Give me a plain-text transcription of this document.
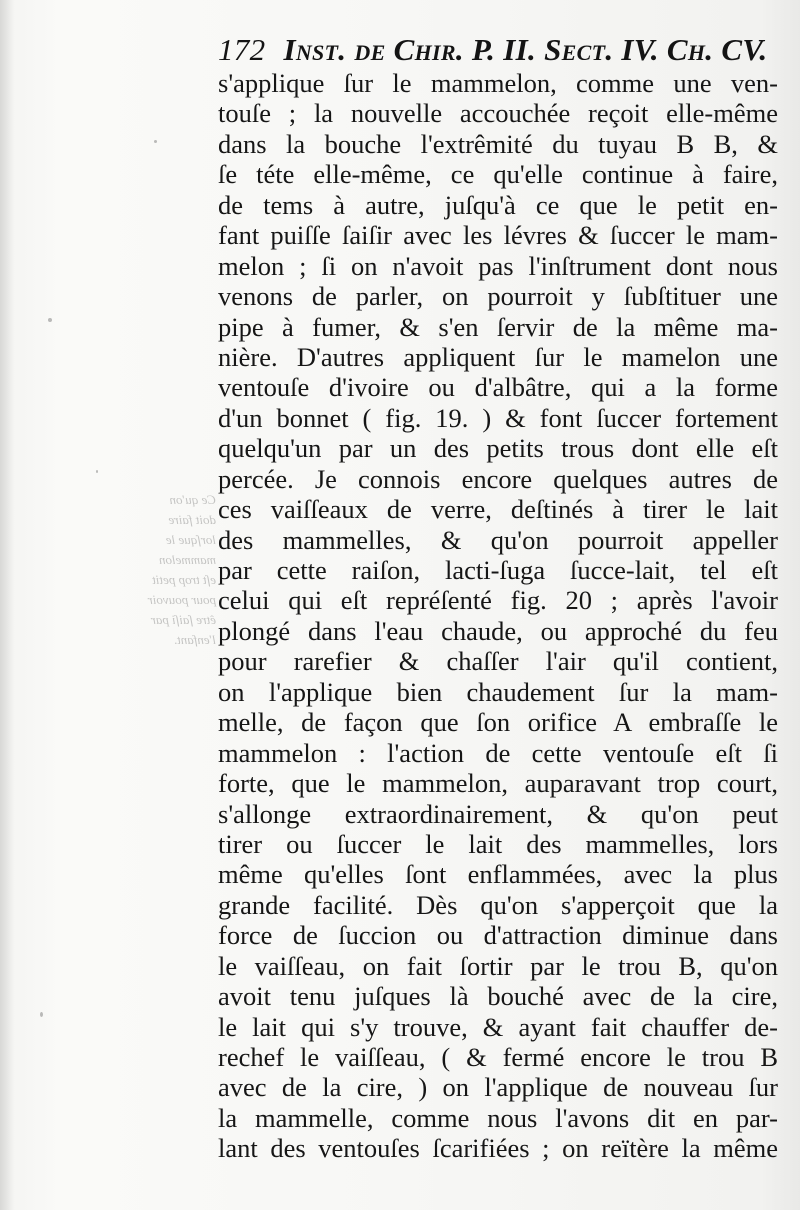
Ce qu'on
doit faire
lorſque le
mammelon
eſt trop petit
pour pouvoir
être ſaiſi par
l'enfant.
172 Inst. de Chir. P. II. Sect. IV. Ch. CV.
s'applique ſur le mammelon, comme une ven-
touſe ; la nouvelle accouchée reçoit elle-même
dans la bouche l'extrêmité du tuyau B B, &
ſe téte elle-même, ce qu'elle continue à faire,
de tems à autre, juſqu'à ce que le petit en-
fant puiſſe ſaiſir avec les lévres & ſuccer le mam-
melon ; ſi on n'avoit pas l'inſtrument dont nous
venons de parler, on pourroit y ſubſtituer une
pipe à fumer, & s'en ſervir de la même ma-
nière. D'autres appliquent ſur le mamelon une
ventouſe d'ivoire ou d'albâtre, qui a la forme
d'un bonnet ( fig. 19. ) & font ſuccer fortement
quelqu'un par un des petits trous dont elle eſt
percée. Je connois encore quelques autres de
ces vaiſſeaux de verre, deſtinés à tirer le lait
des mammelles, & qu'on pourroit appeller
par cette raiſon, lacti-ſuga ſucce-lait, tel eſt
celui qui eſt repréſenté fig. 20 ; après l'avoir
plongé dans l'eau chaude, ou approché du feu
pour rarefier & chaſſer l'air qu'il contient,
on l'applique bien chaudement ſur la mam-
melle, de façon que ſon orifice A embraſſe le
mammelon : l'action de cette ventouſe eſt ſi
forte, que le mammelon, auparavant trop court,
s'allonge extraordinairement, & qu'on peut
tirer ou ſuccer le lait des mammelles, lors
même qu'elles ſont enflammées, avec la plus
grande facilité. Dès qu'on s'apperçoit que la
force de ſuccion ou d'attraction diminue dans
le vaiſſeau, on fait ſortir par le trou B, qu'on
avoit tenu juſques là bouché avec de la cire,
le lait qui s'y trouve, & ayant fait chauffer de-
rechef le vaiſſeau, ( & fermé encore le trou B
avec de la cire, ) on l'applique de nouveau ſur
la mammelle, comme nous l'avons dit en par-
lant des ventouſes ſcarifiées ; on reïtère la même
